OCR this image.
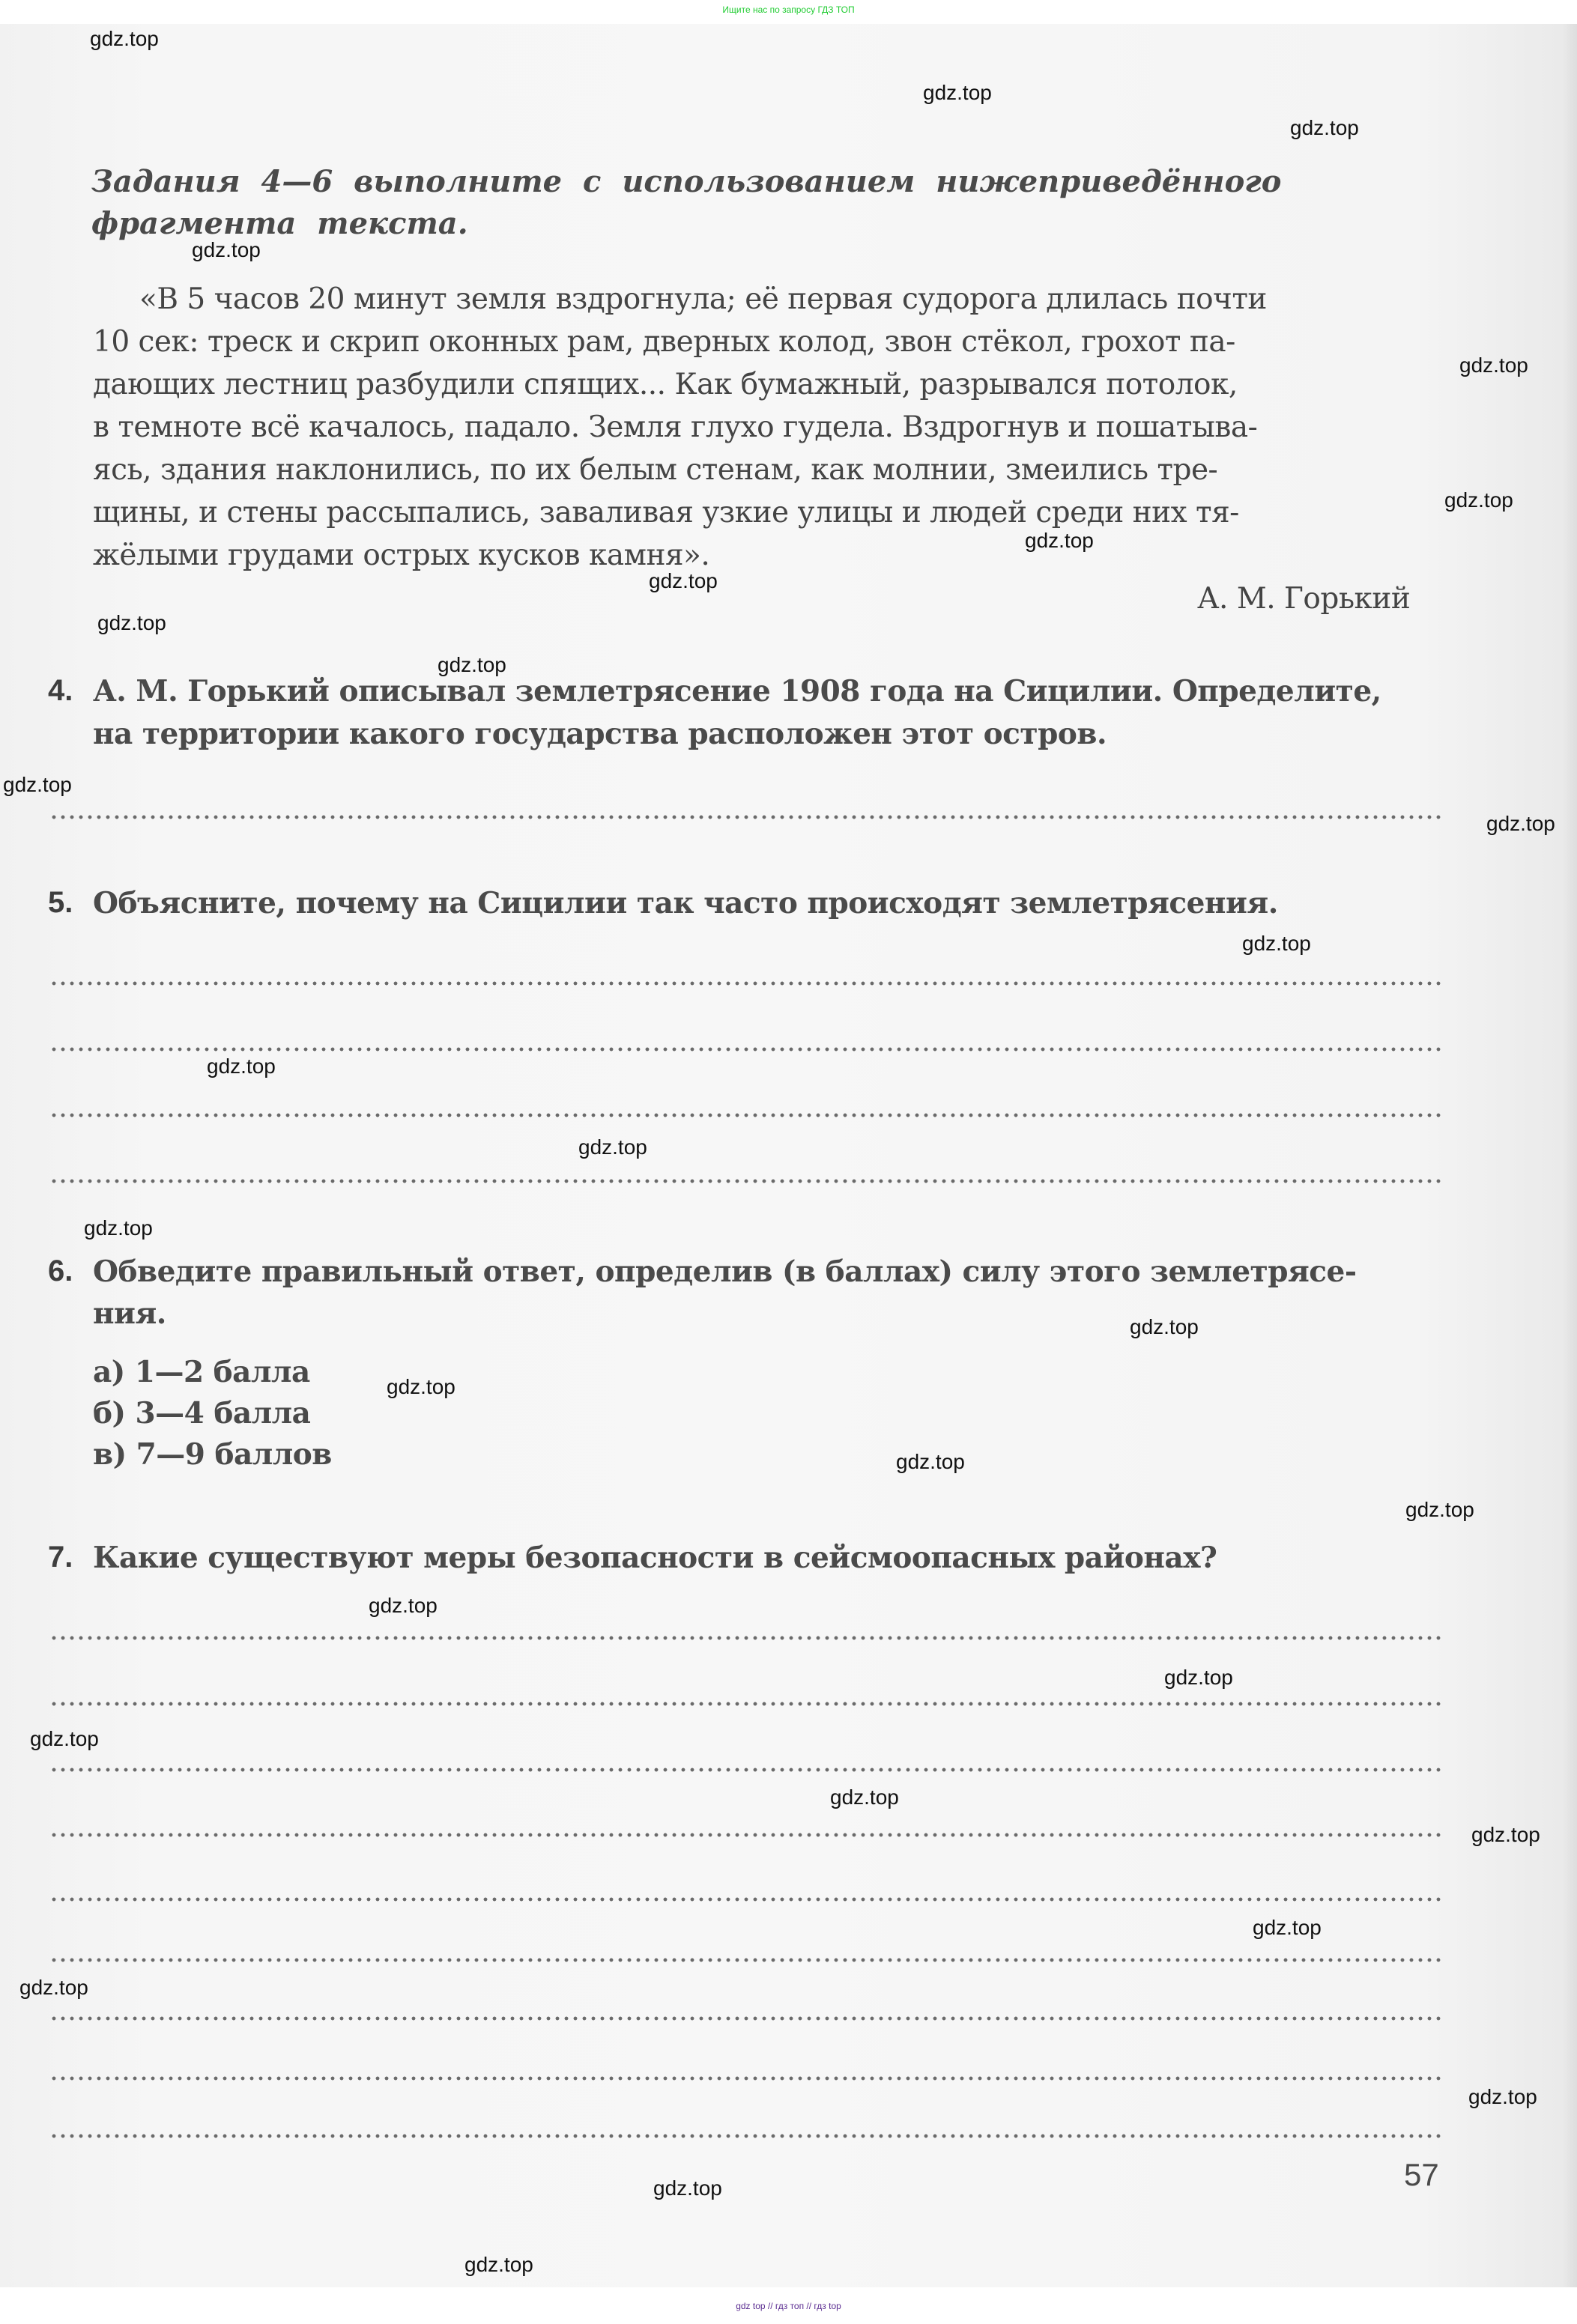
Ищите нас по запросу ГДЗ ТОП
Задания 4—6 выполните с использованием нижеприведённого
фрагмента текста.
«В 5 часов 20 минут земля вздрогнула; её первая судорога длилась почти
10 сек: треск и скрип оконных рам, дверных колод, звон стёкол, грохот па-
дающих лестниц разбудили спящих... Как бумажный, разрывался потолок,
в темноте всё качалось, падало. Земля глухо гудела. Вздрогнув и пошатыва-
ясь, здания наклонились, по их белым стенам, как молнии, змеились тре-
щины, и стены рассыпались, заваливая узкие улицы и людей среди них тя-
жёлыми грудами острых кусков камня».
А. М. Горький
4. А. М. Горький описывал землетрясение 1908 года на Сицилии. Определите,
на территории какого государства расположен этот остров.
5. Объясните, почему на Сицилии так часто происходят землетрясения.
6. Обведите правильный ответ, определив (в баллах) силу этого землетрясе-
ния.
а) 1—2 балла
б) 3—4 балла
в) 7—9 баллов
7. Какие существуют меры безопасности в сейсмоопасных районах?
57
gdz.top
gdz.top
gdz.top
gdz.top
gdz.top
gdz.top
gdz.top
gdz.top
gdz.top
gdz.top
gdz.top
gdz.top
gdz.top
gdz.top
gdz.top
gdz.top
gdz.top
gdz.top
gdz.top
gdz.top
gdz.top
gdz.top
gdz.top
gdz.top
gdz.top
gdz.top
gdz.top
gdz.top
gdz.top
gdz.top
gdz top // гдз топ // гдз top
